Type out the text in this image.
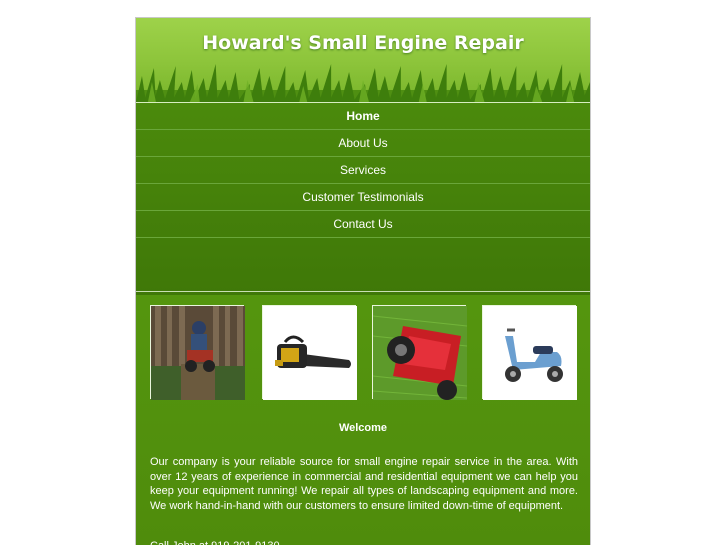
Howard's Small Engine Repair
Home
About Us
Services
Customer Testimonials
Contact Us
Welcome

Our company is your reliable source for small engine repair service in the area. With over 12 years of experience in commercial and residential equipment we can help you keep your equipment running! We repair all types of landscaping equipment and more. We work hand-in-hand with our customers to ensure limited down-time of equipment.

Call John at 919-201-9130
